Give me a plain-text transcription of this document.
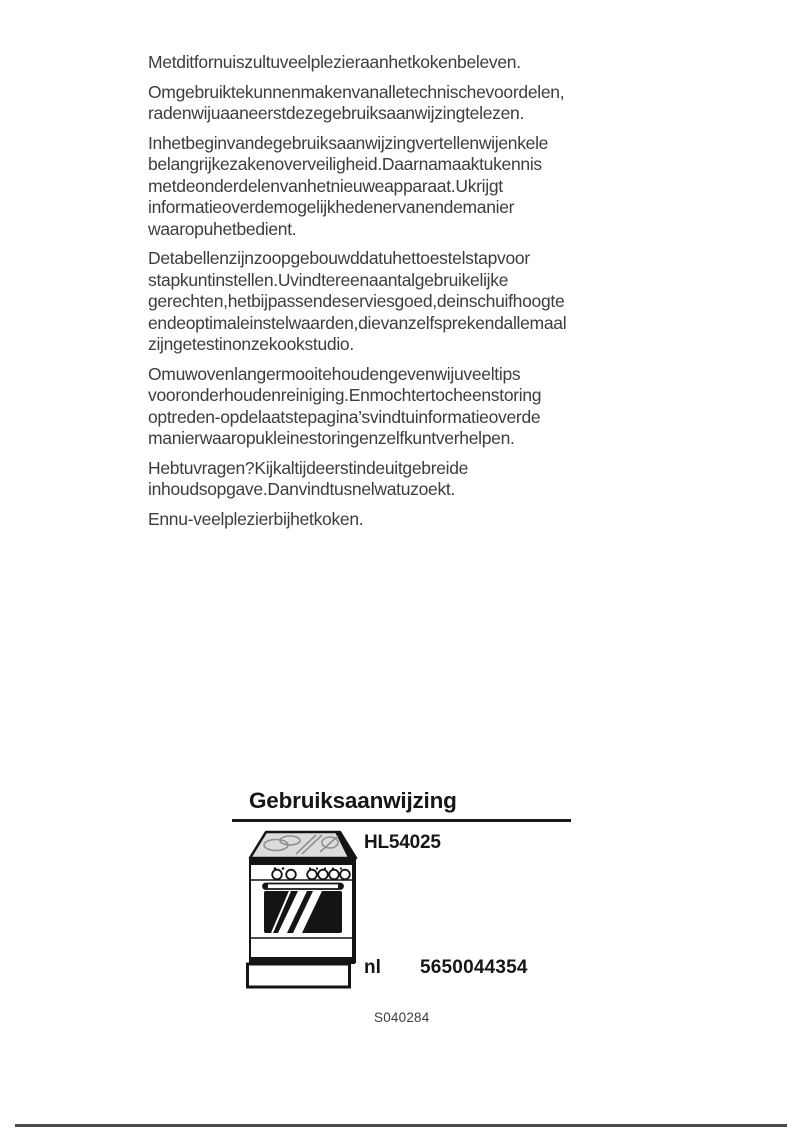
Metditfornuiszultuveelplezieraanhetkokenbeleven.
Omgebruiktekunnenmakenvanalletechnischevoordelen,
radenwijuaaneerstdezegebruiksaanwijzingtelezen.
Inhetbeginvandegebruiksaanwijzingvertellenwijenkele
belangrijkezakenoverveiligheid.Daarnamaaktukennis
metdeonderdelenvanhetnieuweapparaat.Ukrijgt
informatieoverdemogelijkhedenervanendemanier
waaropuhetbedient.
Detabellenzijnzoopgebouwddatuhettoestelstapvoor
stapkuntinstellen.Uvindtereenaantalgebruikelijke
gerechten,hetbijpassendeserviesgoed,deinschuifhoogte
endeoptimaleinstelwaarden,dievanzelfsprekendallemaal
zijngetestinonzekookstudio.
Omuwovenlangermooitehoudengevenwijuveeltips
vooronderhoudenreiniging.Enmochtertocheenstoring
optreden-opdelaatstepagina’svindtuinformatieoverde
manierwaaropukleinestoringenzelfkuntverhelpen.
Hebtuvragen?Kijkaltijdeerstindeuitgebreide
inhoudsopgave.Danvindtusnelwatuzoekt.
Ennu-veelplezierbijhetkoken.
Gebruiksaanwijzing
HL54025
nl 5650044354
S040284
